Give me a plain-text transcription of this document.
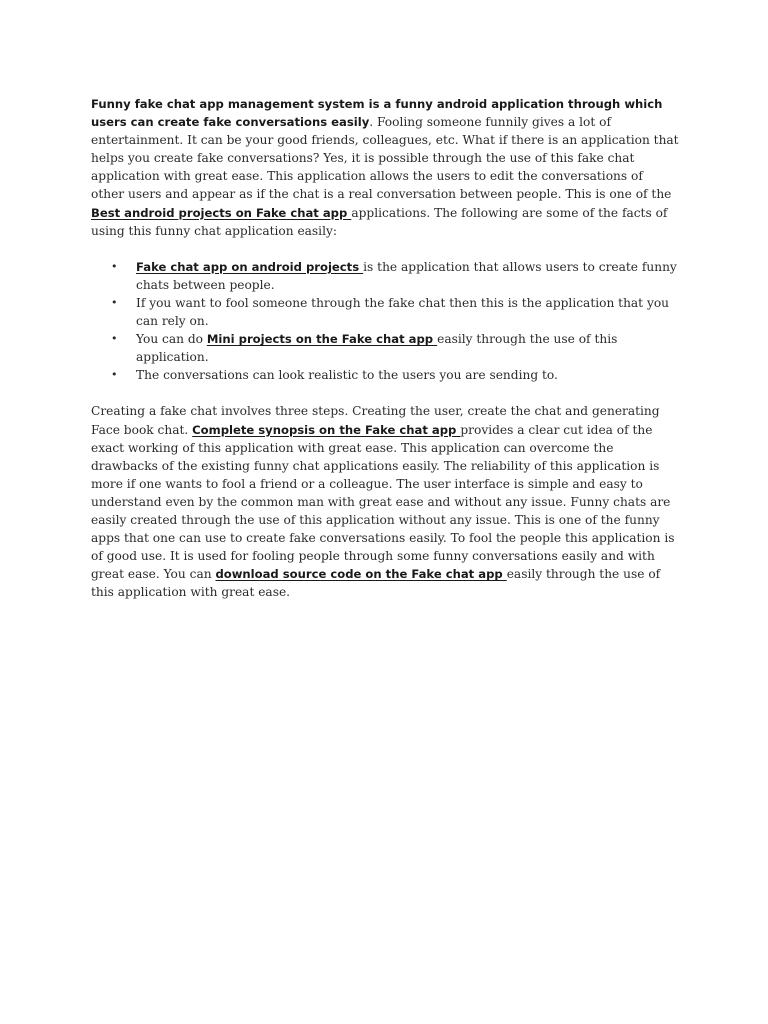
Funny fake chat app management system is a funny android application through which users can create fake conversations easily. Fooling someone funnily gives a lot of entertainment. It can be your good friends, colleagues, etc. What if there is an application that helps you create fake conversations? Yes, it is possible through the use of this fake chat application with great ease. This application allows the users to edit the conversations of other users and appear as if the chat is a real conversation between people. This is one of the Best android projects on Fake chat app applications. The following are some of the facts of using this funny chat application easily:

• Fake chat app on android projects is the application that allows users to create funny chats between people.
• If you want to fool someone through the fake chat then this is the application that you can rely on.
• You can do Mini projects on the Fake chat app easily through the use of this application.
• The conversations can look realistic to the users you are sending to.

Creating a fake chat involves three steps. Creating the user, create the chat and generating Face book chat. Complete synopsis on the Fake chat app provides a clear cut idea of the exact working of this application with great ease. This application can overcome the drawbacks of the existing funny chat applications easily. The reliability of this application is more if one wants to fool a friend or a colleague. The user interface is simple and easy to understand even by the common man with great ease and without any issue. Funny chats are easily created through the use of this application without any issue. This is one of the funny apps that one can use to create fake conversations easily. To fool the people this application is of good use. It is used for fooling people through some funny conversations easily and with great ease. You can download source code on the Fake chat app easily through the use of this application with great ease.
